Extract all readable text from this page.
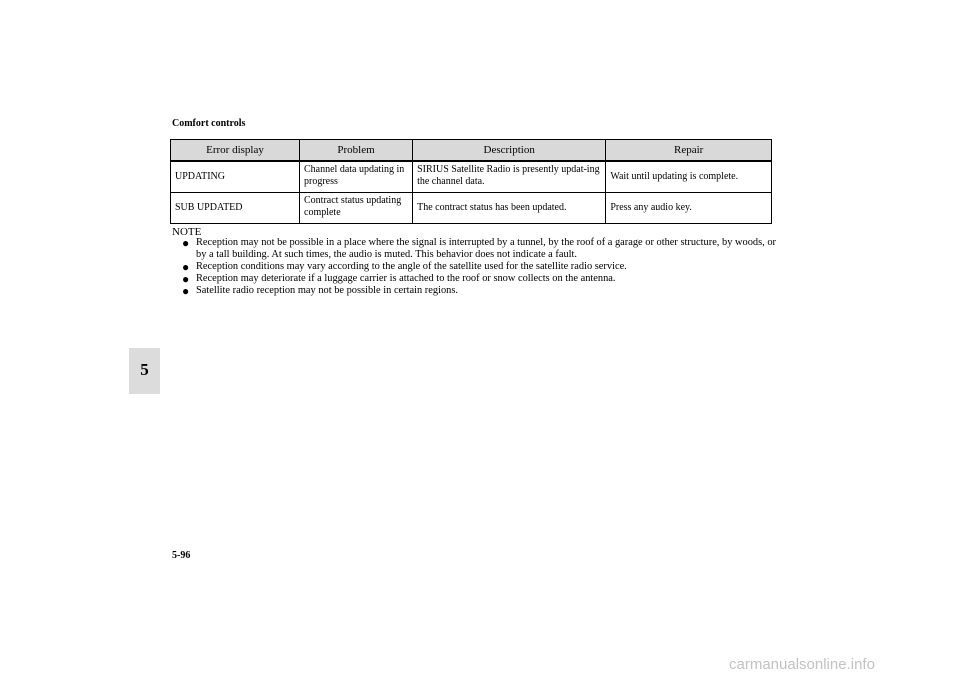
Comfort controls
5
Error display	Problem	Description	Repair
UPDATING	Channel data updating in progress	SIRIUS Satellite Radio is presently updat-ing the channel data.	Wait until updating is complete.
SUB UPDATED	Contract status updating complete	The contract status has been updated.	Press any audio key.
NOTE
● Reception may not be possible in a place where the signal is interrupted by a tunnel, by the roof of a garage or other structure, by woods, or by a tall building. At such times, the audio is muted. This behavior does not indicate a fault.
● Reception conditions may vary according to the angle of the satellite used for the satellite radio service.
● Reception may deteriorate if a luggage carrier is attached to the roof or snow collects on the antenna.
● Satellite radio reception may not be possible in certain regions.
5-96
carmanualsonline.info
